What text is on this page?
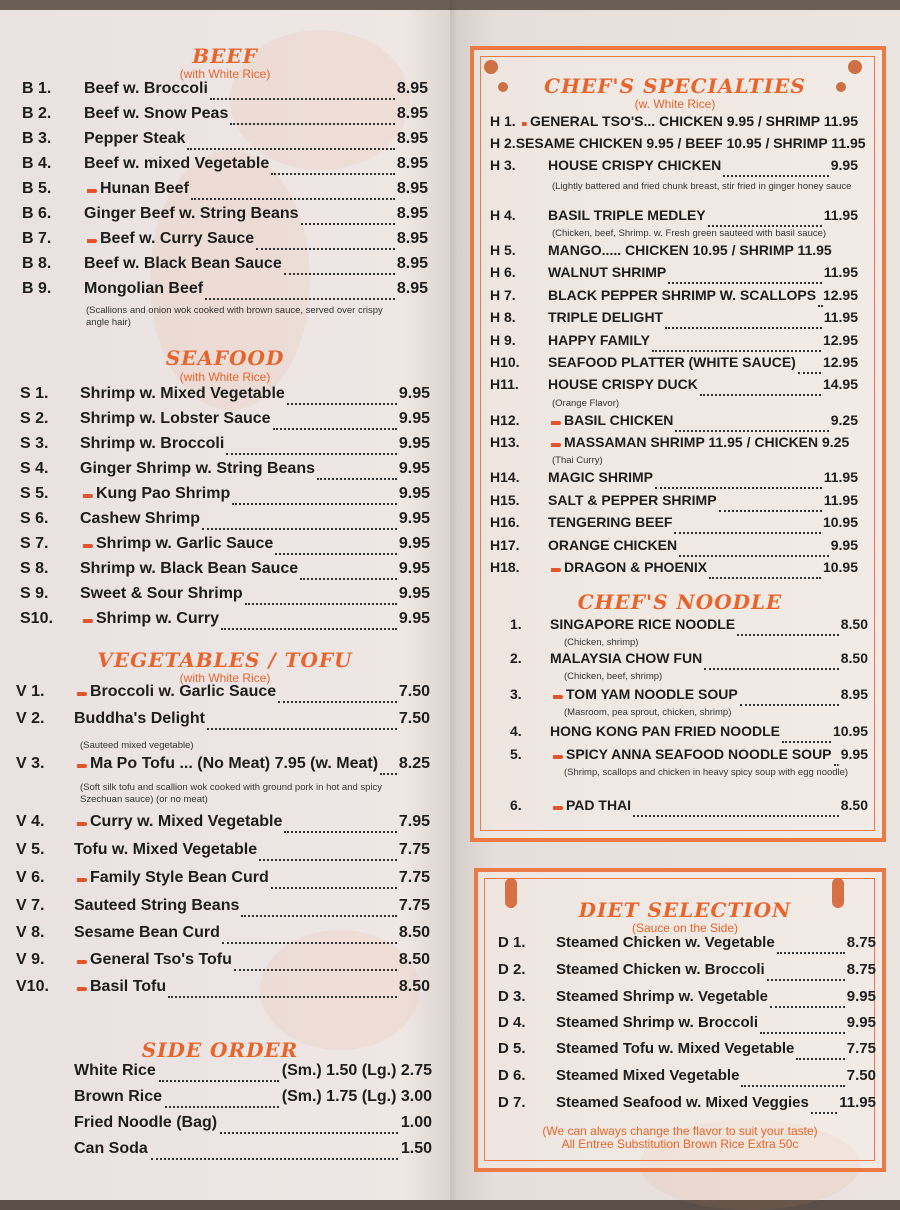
BEEF
(with White Rice)
B 1.	Beef w. Broccoli	8.95
B 2.	Beef w. Snow Peas	8.95
B 3.	Pepper Steak	8.95
B 4.	Beef w. mixed Vegetable	8.95
B 5.	Hunan Beef	8.95
B 6.	Ginger Beef w. String Beans	8.95
B 7.	Beef w. Curry Sauce	8.95
B 8.	Beef w. Black Bean Sauce	8.95
B 9.	Mongolian Beef	8.95
(Scallions and onion wok cooked with brown sauce, served over crispy angle hair)
SEAFOOD
(with White Rice)
S 1.	Shrimp w. Mixed Vegetable	9.95
S 2.	Shrimp w. Lobster Sauce	9.95
S 3.	Shrimp w. Broccoli	9.95
S 4.	Ginger Shrimp w. String Beans	9.95
S 5.	Kung Pao Shrimp	9.95
S 6.	Cashew Shrimp	9.95
S 7.	Shrimp w. Garlic Sauce	9.95
S 8.	Shrimp w. Black Bean Sauce	9.95
S 9.	Sweet & Sour Shrimp	9.95
S10.	Shrimp w. Curry	9.95
VEGETABLES / TOFU
(with White Rice)
V 1.	Broccoli w. Garlic Sauce	7.50
V 2.	Buddha's Delight	7.50
V 3.	Ma Po Tofu ... (No Meat) 7.95 (w. Meat) 8.25
V 4.	Curry w. Mixed Vegetable	7.95
V 5.	Tofu w. Mixed Vegetable	7.75
V 6.	Family Style Bean Curd	7.75
V 7.	Sauteed String Beans	7.75
V 8.	Sesame Bean Curd	8.50
V 9.	General Tso's Tofu	8.50
V10.	Basil Tofu	8.50
(Sauteed mixed vegetable)
(Soft silk tofu and scallion wok cooked with ground pork in hot and spicy Szechuan sauce) (or no meat)
SIDE ORDER
White Rice	(Sm.) 1.50 (Lg.) 2.75
Brown Rice	(Sm.) 1.75 (Lg.) 3.00
Fried Noodle (Bag)	1.00
Can Soda	1.50
CHEF'S SPECIALTIES
(w. White Rice)
H 1. GENERAL TSO'S... CHICKEN 9.95 / SHRIMP 11.95
H 2. SESAME CHICKEN 9.95 / BEEF 10.95 / SHRIMP 11.95
H 3.	HOUSE CRISPY CHICKEN	9.95
H 4.	BASIL TRIPLE MEDLEY	11.95
H 5.	MANGO..... CHICKEN 10.95 / SHRIMP 11.95
H 6.	WALNUT SHRIMP	11.95
H 7.	BLACK PEPPER SHRIMP W. SCALLOPS 12.95
H 8.	TRIPLE DELIGHT	11.95
H 9.	HAPPY FAMILY	12.95
H10.	SEAFOOD PLATTER (WHITE SAUCE) 12.95
H11.	HOUSE CRISPY DUCK	14.95
H12.	BASIL CHICKEN	9.25
H13.	MASSAMAN SHRIMP 11.95 / CHICKEN 9.25
H14.	MAGIC SHRIMP	11.95
H15.	SALT & PEPPER SHRIMP	11.95
H16.	TENGERING BEEF	10.95
H17.	ORANGE CHICKEN	9.95
H18.	DRAGON & PHOENIX	10.95
(Lightly battered and fried chunk breast, stir fried in ginger honey sauce
(Chicken, beef, Shrimp. w. Fresh green sauteed with basil sauce)
(Orange Flavor)
(Thai Curry)
CHEF'S NOODLE
1.	SINGAPORE RICE NOODLE	8.50
(Chicken, shrimp)
2.	MALAYSIA CHOW FUN	8.50
(Chicken, beef, shrimp)
3.	TOM YAM NOODLE SOUP	8.95
(Masroom, pea sprout, chicken, shrimp)
4.	HONG KONG PAN FRIED NOODLE	10.95
5.	SPICY ANNA SEAFOOD NOODLE SOUP 9.95
(Shrimp, scallops and chicken in heavy spicy soup with egg noodle)
6.	PAD THAI	8.50
DIET SELECTION
(Sauce on the Side)
D 1.	Steamed Chicken w. Vegetable	8.75
D 2.	Steamed Chicken w. Broccoli	8.75
D 3.	Steamed Shrimp w. Vegetable	9.95
D 4.	Steamed Shrimp w. Broccoli	9.95
D 5.	Steamed Tofu w. Mixed Vegetable	7.75
D 6.	Steamed Mixed Vegetable	7.50
D 7.	Steamed Seafood w. Mixed Veggies 11.95
(We can always change the flavor to suit your taste)
All Entree Substitution Brown Rice Extra 50c
